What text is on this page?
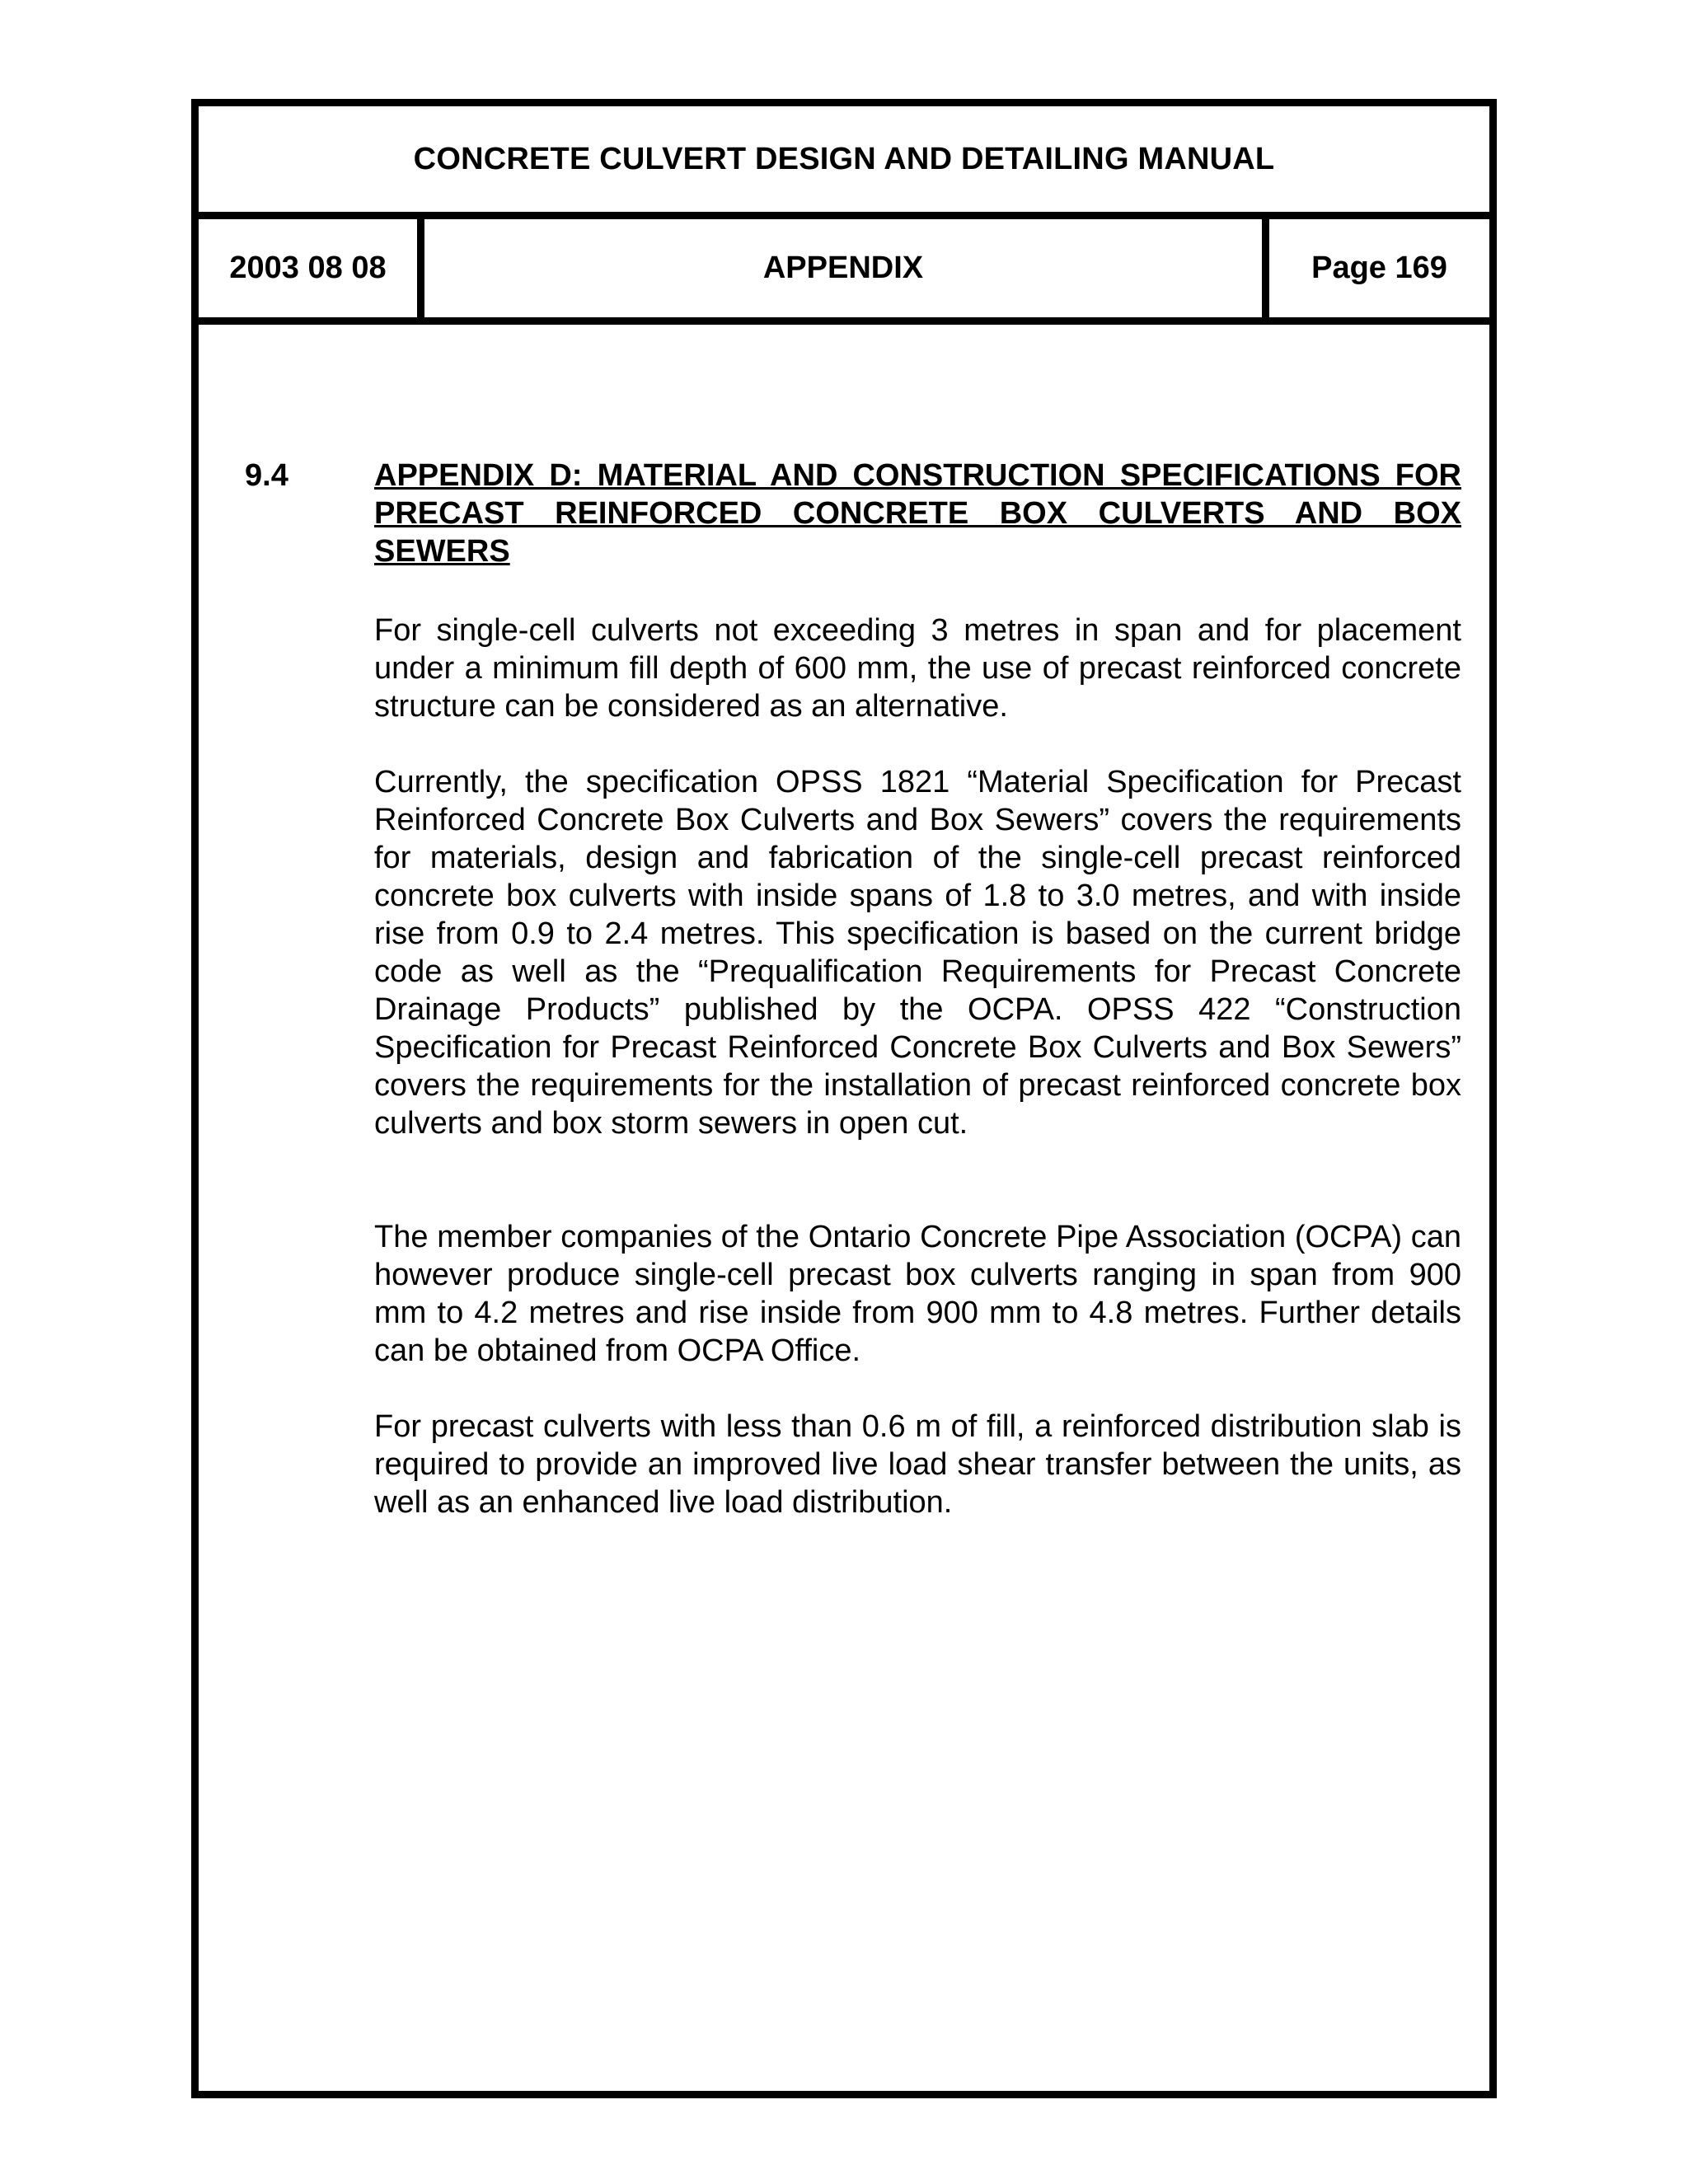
CONCRETE CULVERT DESIGN AND DETAILING MANUAL
2003 08 08	APPENDIX	Page 169
9.4	APPENDIX D: MATERIAL AND CONSTRUCTION SPECIFICATIONS FOR PRECAST REINFORCED CONCRETE BOX CULVERTS AND BOX SEWERS
For single-cell culverts not exceeding 3 metres in span and for placement under a minimum fill depth of 600 mm, the use of precast reinforced concrete structure can be considered as an alternative.
Currently, the specification OPSS 1821 “Material Specification for Precast Reinforced Concrete Box Culverts and Box Sewers” covers the requirements for materials, design and fabrication of the single-cell precast reinforced concrete box culverts with inside spans of 1.8 to 3.0 metres, and with inside rise from 0.9 to 2.4 metres. This specification is based on the current bridge code as well as the “Prequalification Requirements for Precast Concrete Drainage Products” published by the OCPA. OPSS 422 “Construction Specification for Precast Reinforced Concrete Box Culverts and Box Sewers” covers the requirements for the installation of precast reinforced concrete box culverts and box storm sewers in open cut.
The member companies of the Ontario Concrete Pipe Association (OCPA) can however produce single-cell precast box culverts ranging in span from 900 mm to 4.2 metres and rise inside from 900 mm to 4.8 metres. Further details can be obtained from OCPA Office.
For precast culverts with less than 0.6 m of fill, a reinforced distribution slab is required to provide an improved live load shear transfer between the units, as well as an enhanced live load distribution.
